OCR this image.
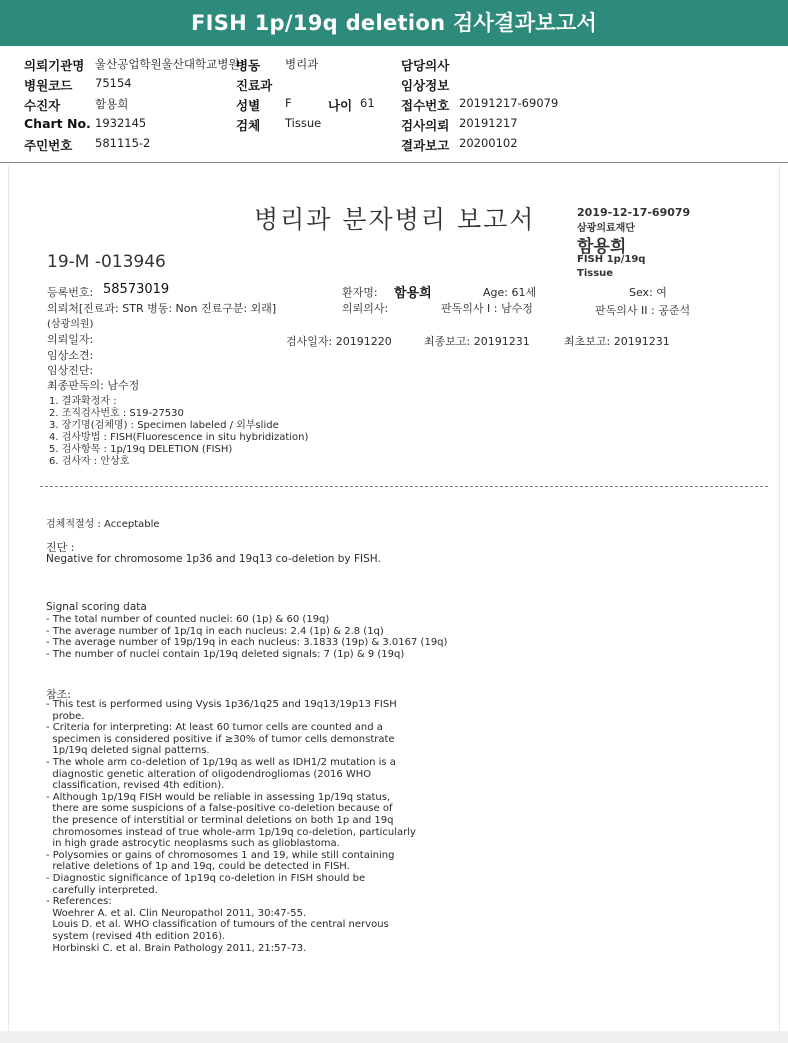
FISH 1p/19q deletion 검사결과보고서
의뢰기관명 울산공업학원울산대학교병원
병동 병리과	담당의사
병원코드 75154	진료과	임상정보
수진자	함용희	성별 F	나이 61 접수번호 20191217-69079
Chart No. 1932145	검체 Tissue	검사의뢰 20191217
주민번호 581115-2	결과보고 20200102
병리과 분자병리 보고서	2019-12-17-69079
삼광의료재단
함용희
FISH 1p/19q
Tissue
19-M -013946
등록번호: 58573019	환자명: 함용희	Age: 61세	Sex: 여
의뢰처[진료과: STR 병동: Non 진료구분: 외래]	의뢰의사:	판독의사 I : 남수정	판독의사 II : 공준석
(삼광의원)
의뢰일자:	검사일자: 20191220	최종보고: 20191231	최초보고: 20191231
임상소견:
임상진단:
최종판독의: 남수정
1. 결과확정자 :
2. 조직검사번호 : S19-27530
3. 장기명(검체명) : Specimen labeled / 외부slide
4. 검사방법 : FISH(Fluorescence in situ hybridization)
5. 검사항목 : 1p/19q DELETION (FISH)
6. 검사자 : 안상호
검체적절성 : Acceptable
진단 :
Negative for chromosome 1p36 and 19q13 co-deletion by FISH.
Signal scoring data
- The total number of counted nuclei: 60 (1p) & 60 (19q)
- The average number of 1p/1q in each nucleus: 2.4 (1p) & 2.8 (1q)
- The average number of 19p/19q in each nucleus: 3.1833 (19p) & 3.0167 (19q)
- The number of nuclei contain 1p/19q deleted signals: 7 (1p) & 9 (19q)
참조:
- This test is performed using Vysis 1p36/1q25 and 19q13/19p13 FISH
probe.
- Criteria for interpreting: At least 60 tumor cells are counted and a
specimen is considered positive if ≥30% of tumor cells demonstrate
1p/19q deleted signal patterns.
- The whole arm co-deletion of 1p/19q as well as IDH1/2 mutation is a
diagnostic genetic alteration of oligodendrogliomas (2016 WHO
classification, revised 4th edition).
- Although 1p/19q FISH would be reliable in assessing 1p/19q status,
there are some suspicions of a false-positive co-deletion because of
the presence of interstitial or terminal deletions on both 1p and 19q
chromosomes instead of true whole-arm 1p/19q co-deletion, particularly
in high grade astrocytic neoplasms such as glioblastoma.
- Polysomies or gains of chromosomes 1 and 19, while still containing
relative deletions of 1p and 19q, could be detected in FISH.
- Diagnostic significance of 1p19q co-deletion in FISH should be
carefully interpreted.
- References:
Woehrer A. et al. Clin Neuropathol 2011, 30:47-55.
Louis D. et al. WHO classification of tumours of the central nervous
system (revised 4th edition 2016).
Horbinski C. et al. Brain Pathology 2011, 21:57-73.
